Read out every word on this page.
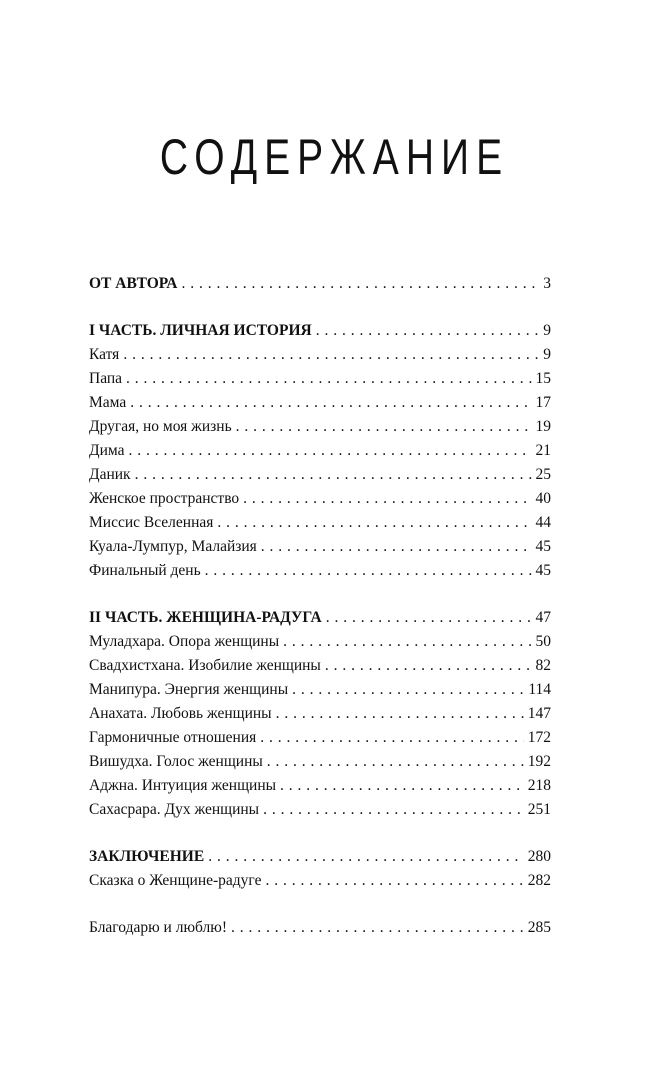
СОДЕРЖАНИЕ
ОТ АВТОРА . . .	3
I ЧАСТЬ. ЛИЧНАЯ ИСТОРИЯ . . .	9
Катя . . .	9
Папа . . .	15
Мама . . .	17
Другая, но моя жизнь . . .	19
Дима . . .	21
Даник . . .	25
Женское пространство . . .	40
Миссис Вселенная . . .	44
Куала-Лумпур, Малайзия . . .	45
Финальный день . . .	45
II ЧАСТЬ. ЖЕНЩИНА-РАДУГА . . .	47
Муладхара. Опора женщины . . .	50
Свадхистхана. Изобилие женщины . . .	82
Манипура. Энергия женщины . . .	114
Анахата. Любовь женщины . . .	147
Гармоничные отношения . . .	172
Вишудха. Голос женщины . . .	192
Аджна. Интуиция женщины . . .	218
Сахасрара. Дух женщины . . .	251
ЗАКЛЮЧЕНИЕ . . .	280
Сказка о Женщине-радуге . . .	282
Благодарю и люблю! . . .	285
